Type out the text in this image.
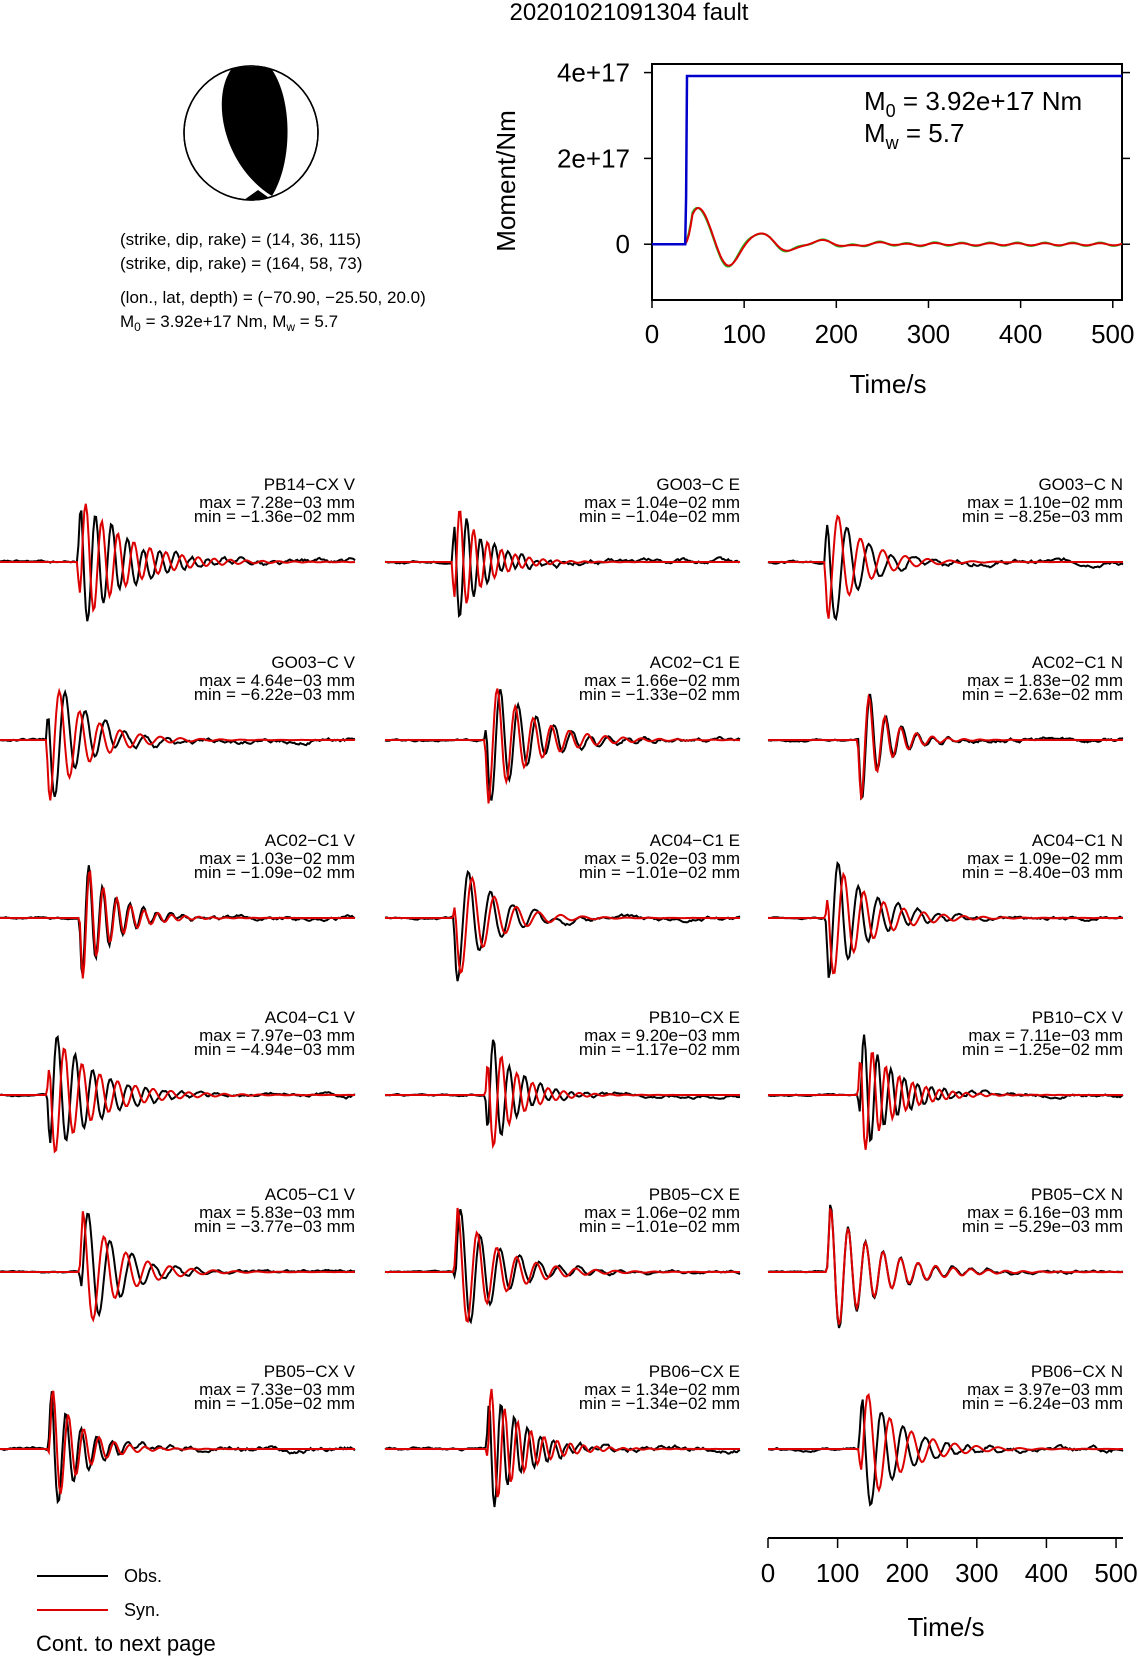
20201021091304 fault
(strike, dip, rake) = (14, 36, 115)
(strike, dip, rake) = (164, 58, 73)
(lon., lat, depth) = (−70.90, −25.50, 20.0)
$M_0 = 3.92e+17$ Nm, $M_w = 5.7$
Moment/Nm
Time/s
$M_0 = 3.92e+17$ Nm
$M_w = 5.7$
0 100 200 300 400 500
0
2e+17
4e+17
PB14−CX V
max = 7.28e−03 mm
min = −1.36e−02 mm
GO03−C E
max = 1.04e−02 mm
min = −1.04e−02 mm
GO03−C N
max = 1.10e−02 mm
min = −8.25e−03 mm
GO03−C V
max = 4.64e−03 mm
min = −6.22e−03 mm
AC02−C1 E
max = 1.66e−02 mm
min = −1.33e−02 mm
AC02−C1 N
max = 1.83e−02 mm
min = −2.63e−02 mm
AC02−C1 V
max = 1.03e−02 mm
min = −1.09e−02 mm
AC04−C1 E
max = 5.02e−03 mm
min = −1.01e−02 mm
AC04−C1 N
max = 1.09e−02 mm
min = −8.40e−03 mm
AC04−C1 V
max = 7.97e−03 mm
min = −4.94e−03 mm
PB10−CX E
max = 9.20e−03 mm
min = −1.17e−02 mm
PB10−CX V
max = 7.11e−03 mm
min = −1.25e−02 mm
AC05−C1 V
max = 5.83e−03 mm
min = −3.77e−03 mm
PB05−CX E
max = 1.06e−02 mm
min = −1.01e−02 mm
PB05−CX N
max = 6.16e−03 mm
min = −5.29e−03 mm
PB05−CX V
max = 7.33e−03 mm
min = −1.05e−02 mm
PB06−CX E
max = 1.34e−02 mm
min = −1.34e−02 mm
PB06−CX N
max = 3.97e−03 mm
min = −6.24e−03 mm
Time/s
0 100 200 300 400 500
Obs.
Syn.
Cont. to next page
